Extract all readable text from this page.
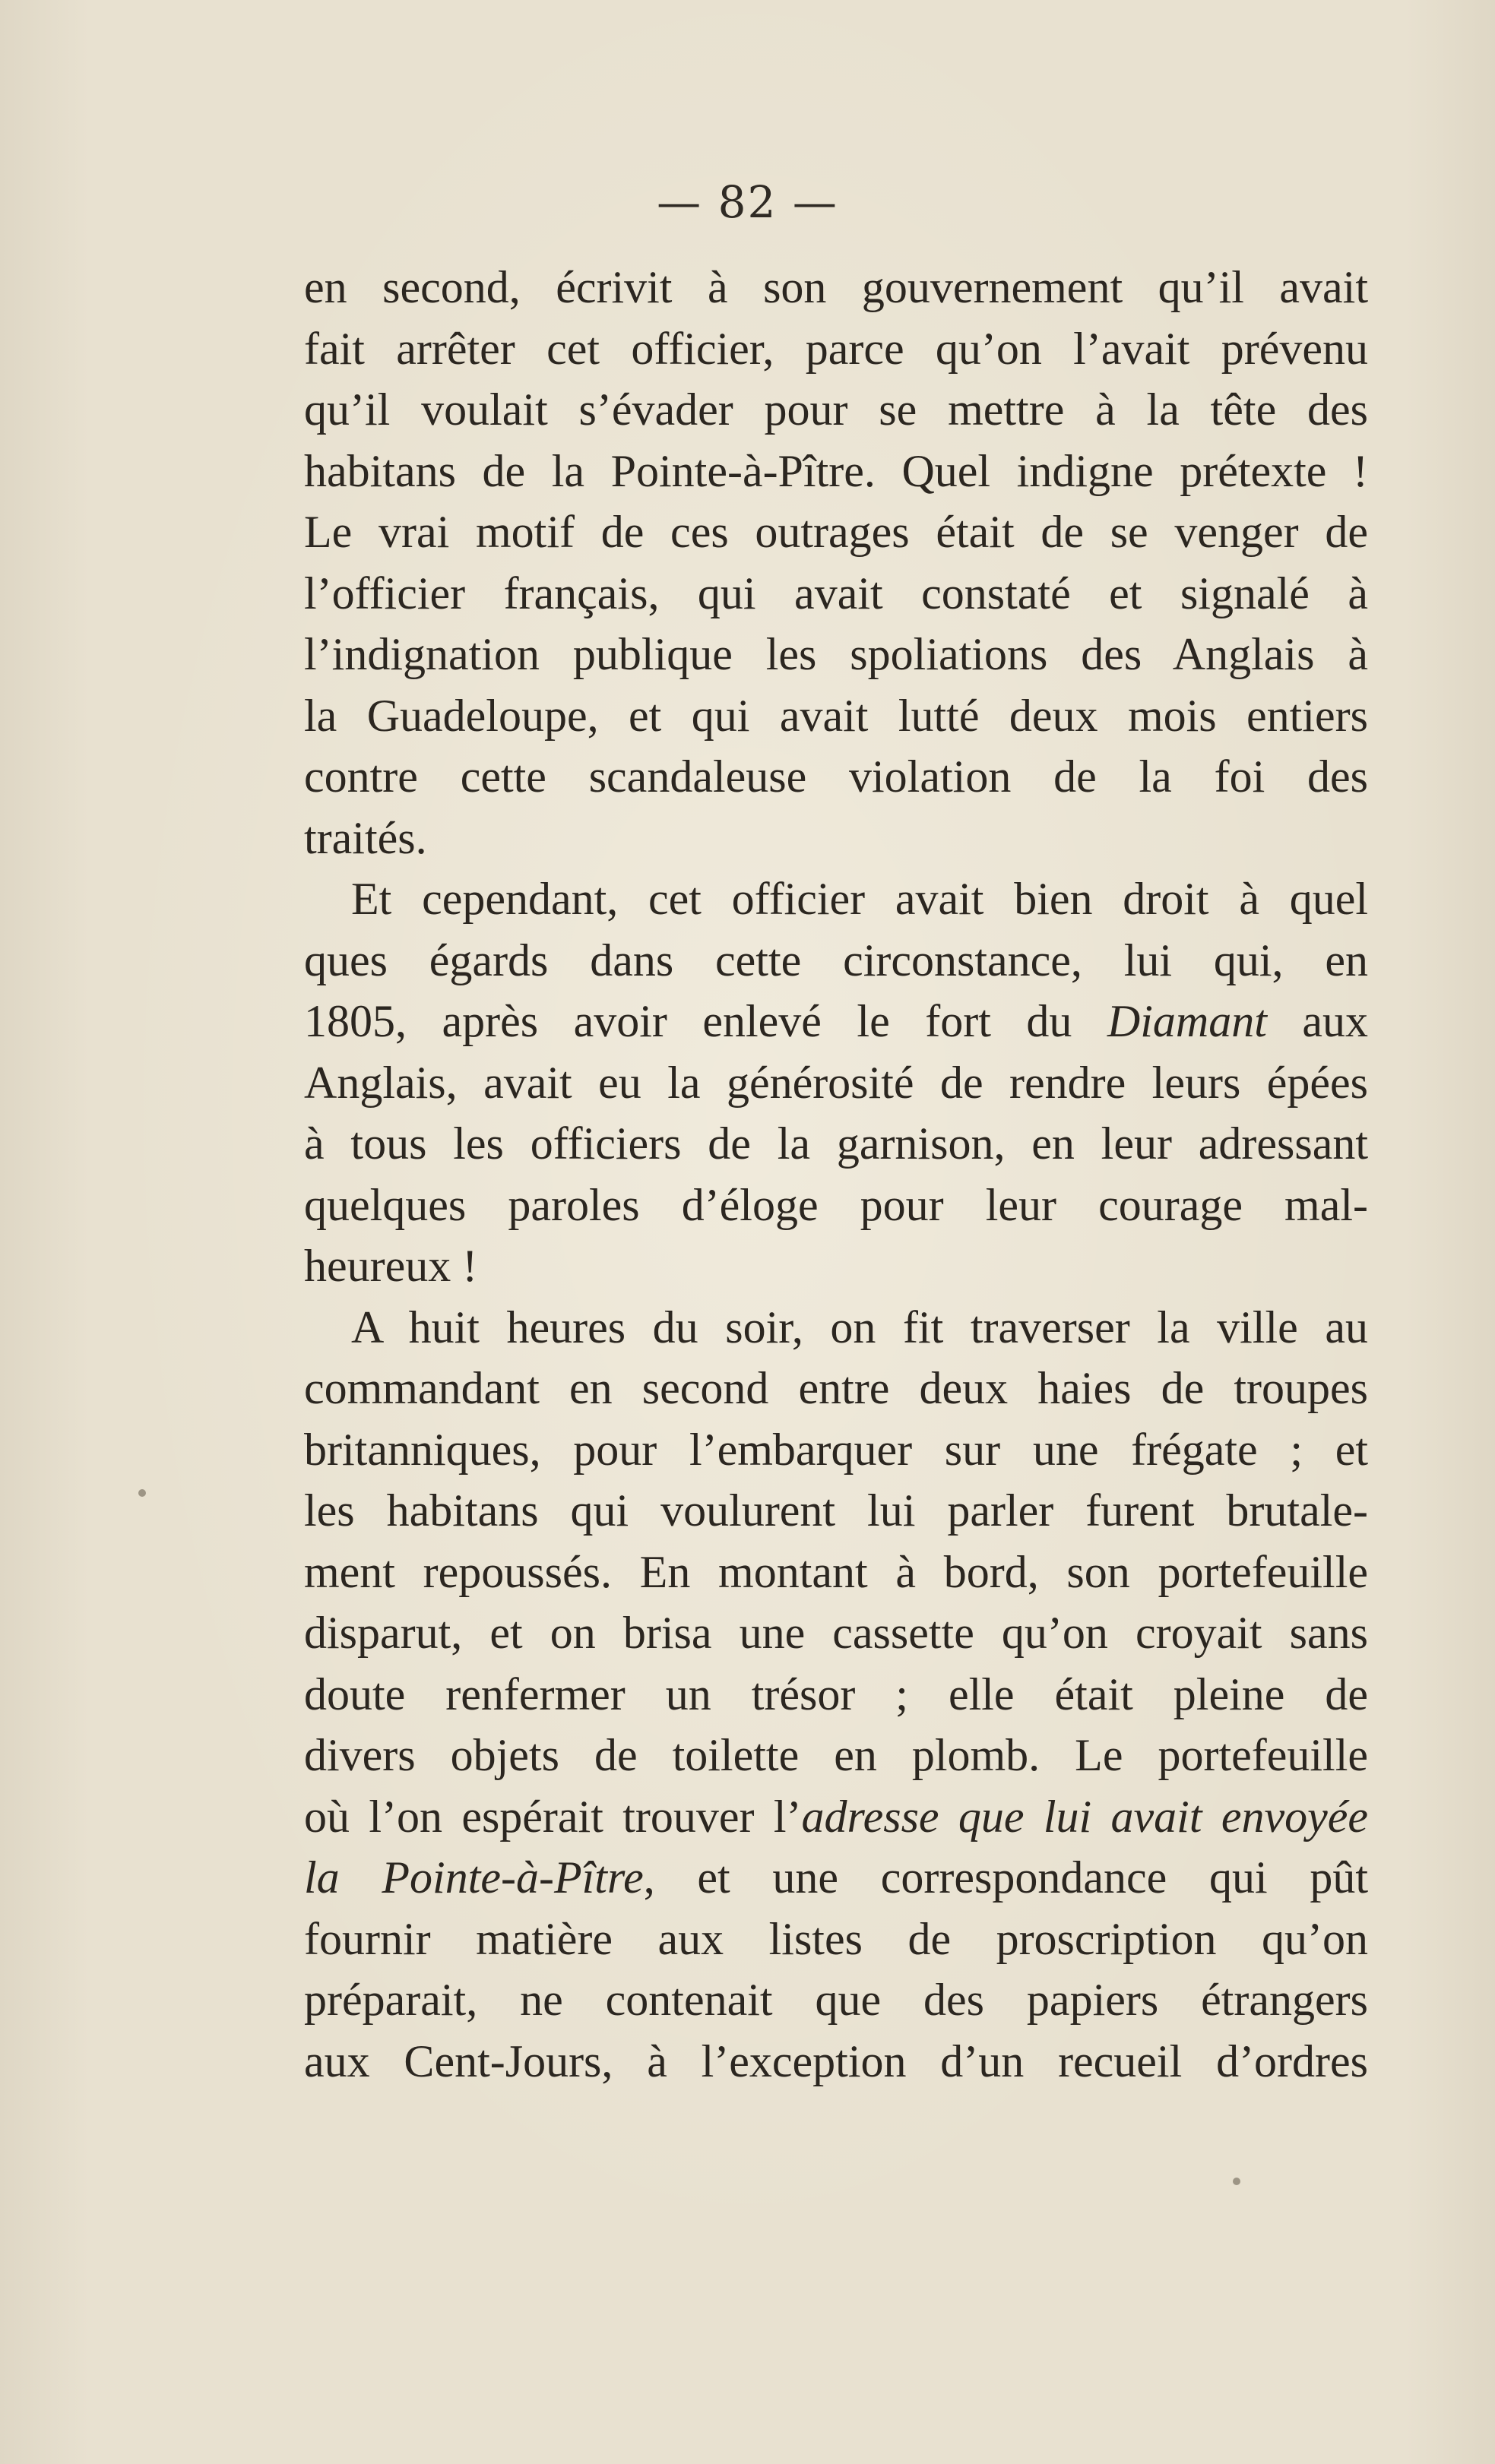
— 82 —
en second, écrivit à son gouvernement qu’il avait
fait arrêter cet officier, parce qu’on l’avait prévenu
qu’il voulait s’évader pour se mettre à la tête des
habitans de la Pointe-à-Pître. Quel indigne prétexte !
Le vrai motif de ces outrages était de se venger de
l’officier français, qui avait constaté et signalé à
l’indignation publique les spoliations des Anglais à
la Guadeloupe, et qui avait lutté deux mois entiers
contre cette scandaleuse violation de la foi des
traités.
Et cependant, cet officier avait bien droit à quel
ques égards dans cette circonstance, lui qui, en
1805, après avoir enlevé le fort du Diamant aux
Anglais, avait eu la générosité de rendre leurs épées
à tous les officiers de la garnison, en leur adressant
quelques paroles d’éloge pour leur courage mal-
heureux !
A huit heures du soir, on fit traverser la ville au
commandant en second entre deux haies de troupes
britanniques, pour l’embarquer sur une frégate ; et
les habitans qui voulurent lui parler furent brutale-
ment repoussés. En montant à bord, son portefeuille
disparut, et on brisa une cassette qu’on croyait sans
doute renfermer un trésor ; elle était pleine de
divers objets de toilette en plomb. Le portefeuille
où l’on espérait trouver l’adresse que lui avait envoyée
la Pointe-à-Pître, et une correspondance qui pût
fournir matière aux listes de proscription qu’on
préparait, ne contenait que des papiers étrangers
aux Cent-Jours, à l’exception d’un recueil d’ordres
